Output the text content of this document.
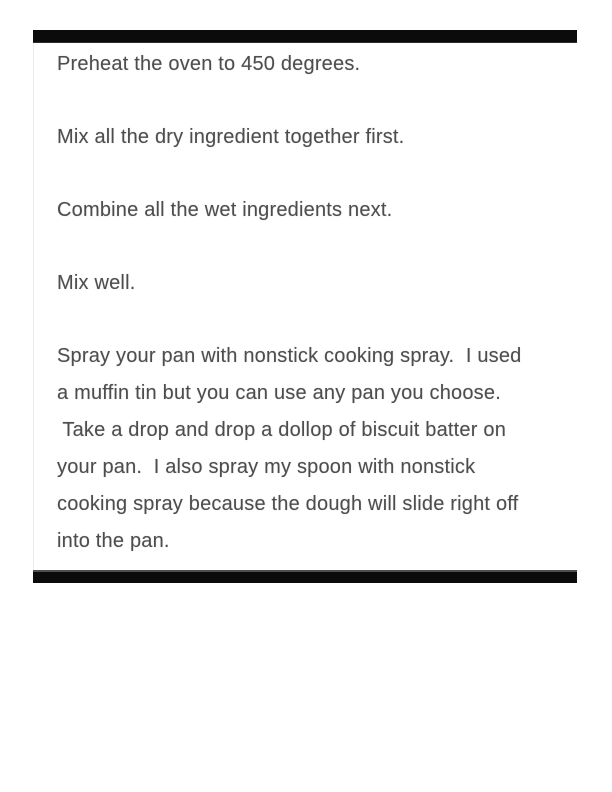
Preheat the oven to 450 degrees.
Mix all the dry ingredient together first.
Combine all the wet ingredients next.
Mix well.
Spray your pan with nonstick cooking spray.  I used
a muffin tin but you can use any pan you choose.
Take a drop and drop a dollop of biscuit batter on
your pan.  I also spray my spoon with nonstick
cooking spray because the dough will slide right off
into the pan.
